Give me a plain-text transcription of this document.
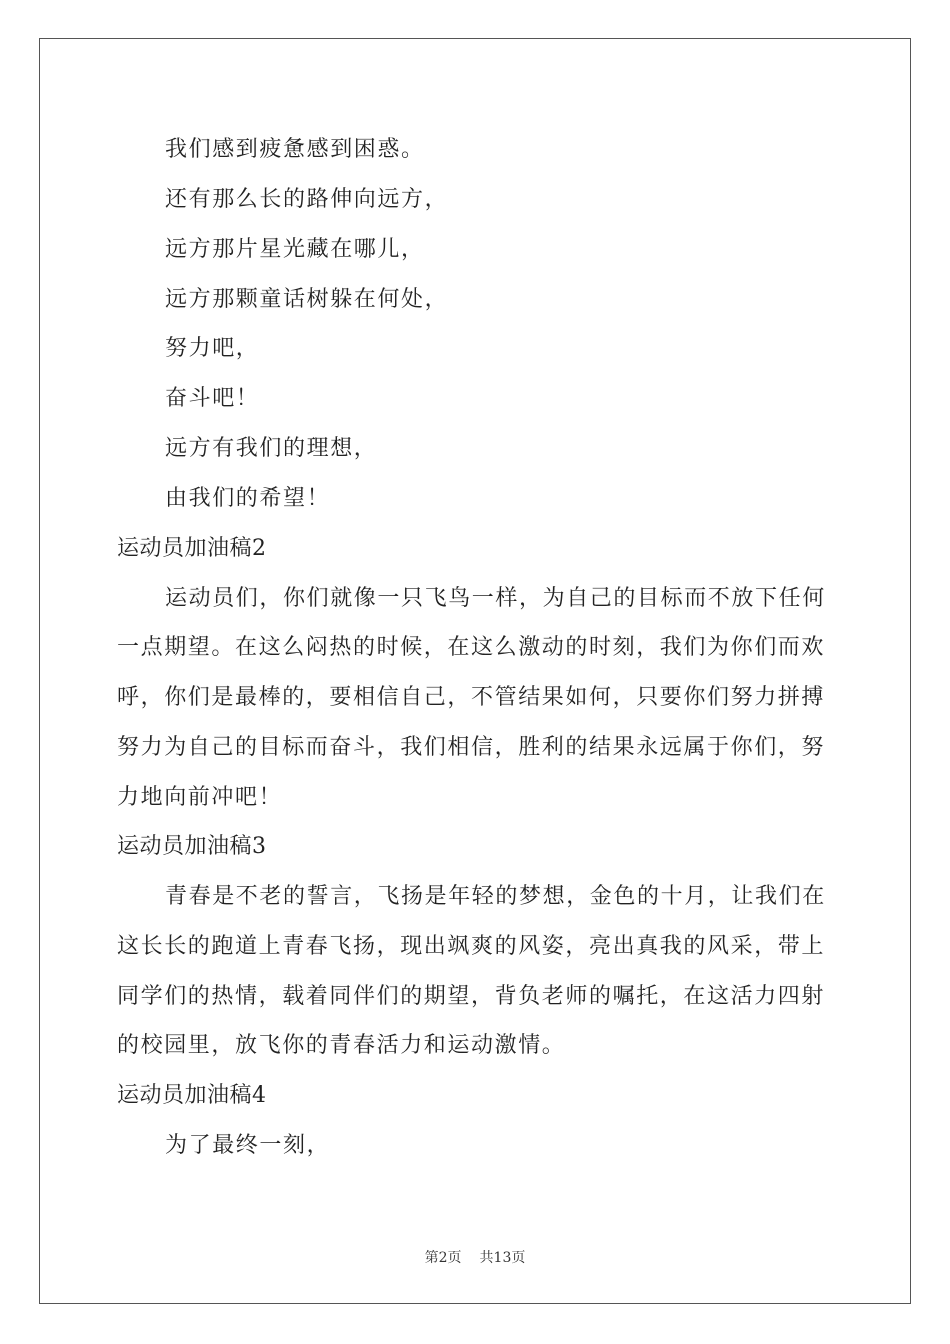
我们感到疲惫感到困惑。
还有那么长的路伸向远方，
远方那片星光藏在哪儿，
远方那颗童话树躲在何处，
努力吧，
奋斗吧！
远方有我们的理想，
由我们的希望！
运动员加油稿2
运动员们，你们就像一只飞鸟一样，为自己的目标而不放下任何
一点期望。在这么闷热的时候，在这么激动的时刻，我们为你们而欢
呼，你们是最棒的，要相信自己，不管结果如何，只要你们努力拼搏
努力为自己的目标而奋斗，我们相信，胜利的结果永远属于你们，努
力地向前冲吧！
运动员加油稿3
青春是不老的誓言，飞扬是年轻的梦想，金色的十月，让我们在
这长长的跑道上青春飞扬，现出飒爽的风姿，亮出真我的风采，带上
同学们的热情，载着同伴们的期望，背负老师的嘱托，在这活力四射
的校园里，放飞你的青春活力和运动激情。
运动员加油稿4
为了最终一刻，
第2页 共13页
